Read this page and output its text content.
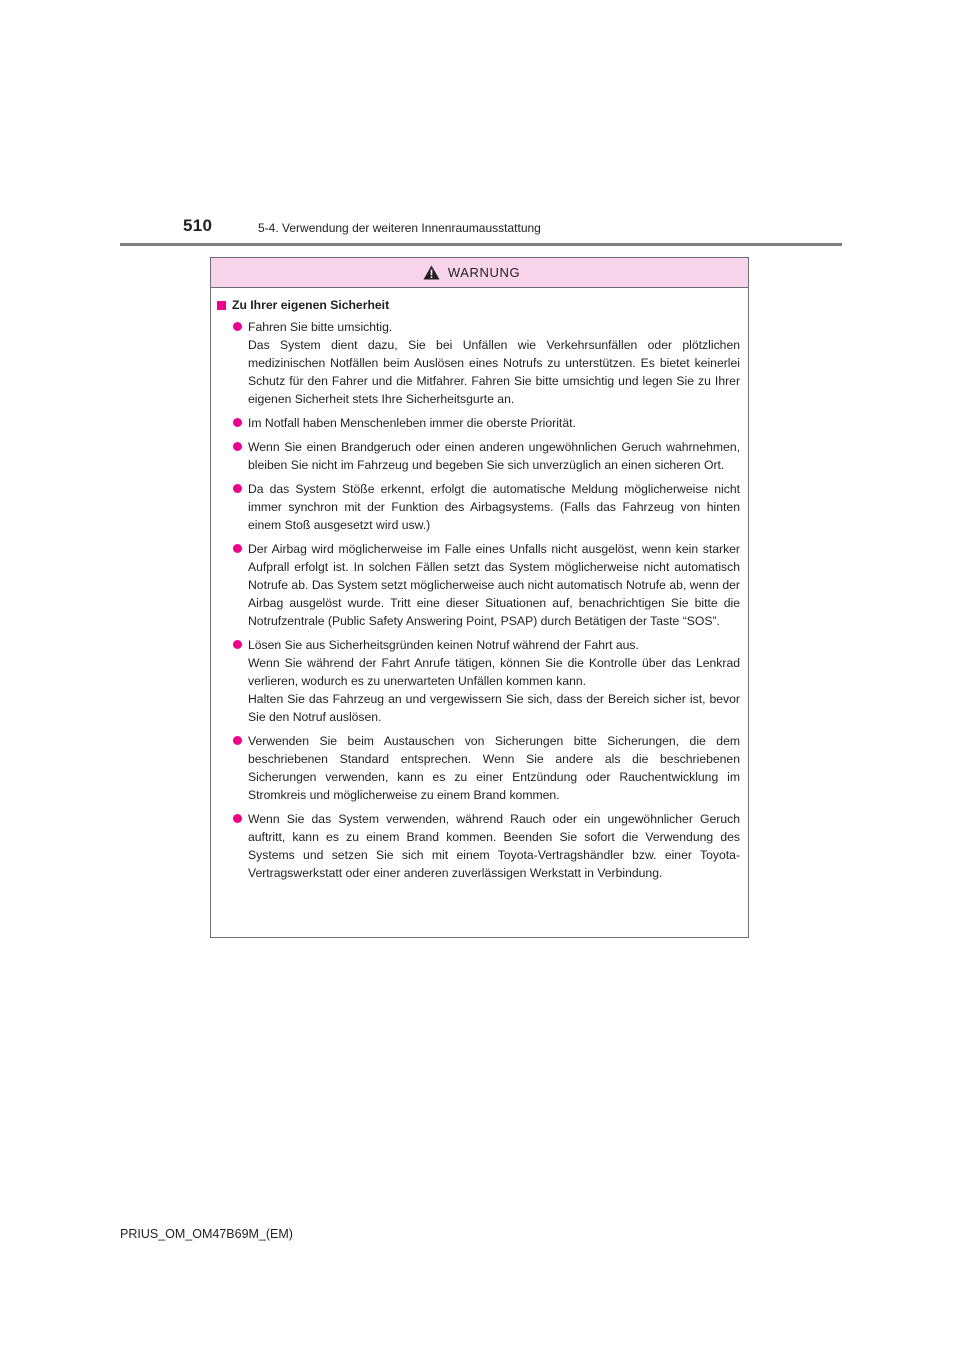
510	5-4. Verwendung der weiteren Innenraumausstattung
WARNUNG
Zu Ihrer eigenen Sicherheit
Fahren Sie bitte umsichtig.
Das System dient dazu, Sie bei Unfällen wie Verkehrsunfällen oder plötzlichen medizinischen Notfällen beim Auslösen eines Notrufs zu unterstützen. Es bietet keinerlei Schutz für den Fahrer und die Mitfahrer. Fahren Sie bitte umsichtig und legen Sie zu Ihrer eigenen Sicherheit stets Ihre Sicherheitsgurte an.
Im Notfall haben Menschenleben immer die oberste Priorität.
Wenn Sie einen Brandgeruch oder einen anderen ungewöhnlichen Geruch wahrnehmen, bleiben Sie nicht im Fahrzeug und begeben Sie sich unverzüglich an einen sicheren Ort.
Da das System Stöße erkennt, erfolgt die automatische Meldung möglicherweise nicht immer synchron mit der Funktion des Airbagsystems. (Falls das Fahrzeug von hinten einem Stoß ausgesetzt wird usw.)
Der Airbag wird möglicherweise im Falle eines Unfalls nicht ausgelöst, wenn kein starker Aufprall erfolgt ist. In solchen Fällen setzt das System möglicherweise nicht automatisch Notrufe ab. Das System setzt möglicherweise auch nicht automatisch Notrufe ab, wenn der Airbag ausgelöst wurde. Tritt eine dieser Situationen auf, benachrichtigen Sie bitte die Notrufzentrale (Public Safety Answering Point, PSAP) durch Betätigen der Taste “SOS”.
Lösen Sie aus Sicherheitsgründen keinen Notruf während der Fahrt aus.
Wenn Sie während der Fahrt Anrufe tätigen, können Sie die Kontrolle über das Lenkrad verlieren, wodurch es zu unerwarteten Unfällen kommen kann.
Halten Sie das Fahrzeug an und vergewissern Sie sich, dass der Bereich sicher ist, bevor Sie den Notruf auslösen.
Verwenden Sie beim Austauschen von Sicherungen bitte Sicherungen, die dem beschriebenen Standard entsprechen. Wenn Sie andere als die beschriebenen Sicherungen verwenden, kann es zu einer Entzündung oder Rauchentwicklung im Stromkreis und möglicherweise zu einem Brand kommen.
Wenn Sie das System verwenden, während Rauch oder ein ungewöhnlicher Geruch auftritt, kann es zu einem Brand kommen. Beenden Sie sofort die Verwendung des Systems und setzen Sie sich mit einem Toyota-Vertragshändler bzw. einer Toyota-Vertragswerkstatt oder einer anderen zuverlässigen Werkstatt in Verbindung.
PRIUS_OM_OM47B69M_(EM)
